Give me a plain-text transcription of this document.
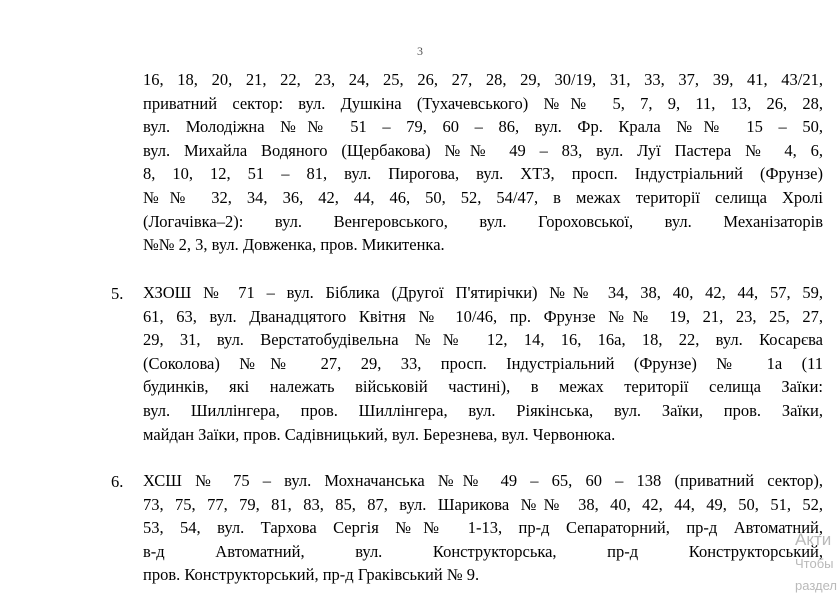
3
16, 18, 20, 21, 22, 23, 24, 25, 26, 27, 28, 29, 30/19, 31, 33, 37, 39, 41, 43/21,
приватний сектор: вул. Душкіна (Тухачевського) №№ 5, 7, 9, 11, 13, 26, 28,
вул. Молодіжна №№ 51 – 79, 60 – 86, вул. Фр. Крала №№ 15 – 50,
вул. Михайла Водяного (Щербакова) №№ 49 – 83, вул. Луї Пастера № 4, 6,
8, 10, 12, 51 – 81, вул. Пирогова, вул. ХТЗ, просп. Індустріальний (Фрунзе)
№№ 32, 34, 36, 42, 44, 46, 50, 52, 54/47, в межах території селища Хролі
(Логачівка–2): вул. Венгеровського, вул. Гороховської, вул. Механізаторів
№№ 2, 3, вул. Довженка, пров. Микитенка.
5. ХЗОШ № 71 – вул. Біблика (Другої П'ятирічки) №№ 34, 38, 40, 42, 44, 57, 59,
61, 63, вул. Дванадцятого Квітня № 10/46, пр. Фрунзе №№ 19, 21, 23, 25, 27,
29, 31, вул. Верстатобудівельна №№ 12, 14, 16, 16а, 18, 22, вул. Косарєва
(Соколова) №№ 27, 29, 33, просп. Індустріальний (Фрунзе) № 1а (11
будинків, які належать військовій частині), в межах території селища Заїки:
вул. Шиллінгера, пров. Шиллінгера, вул. Ріякінська, вул. Заїки, пров. Заїки,
майдан Заїки, пров. Садівницький, вул. Березнева, вул. Червонюка.
6. ХСШ № 75 – вул. Мохначанська №№ 49 – 65, 60 – 138 (приватний сектор),
73, 75, 77, 79, 81, 83, 85, 87, вул. Шарикова №№ 38, 40, 42, 44, 49, 50, 51, 52,
53, 54, вул. Тархова Сергія №№ 1-13, пр-д Сепараторний, пр-д Автоматний,
в-д Автоматний, вул. Конструкторська, пр-д Конструкторський,
пров. Конструкторський, пр-д Граківський № 9.
Акти
Чтобы
раздел
